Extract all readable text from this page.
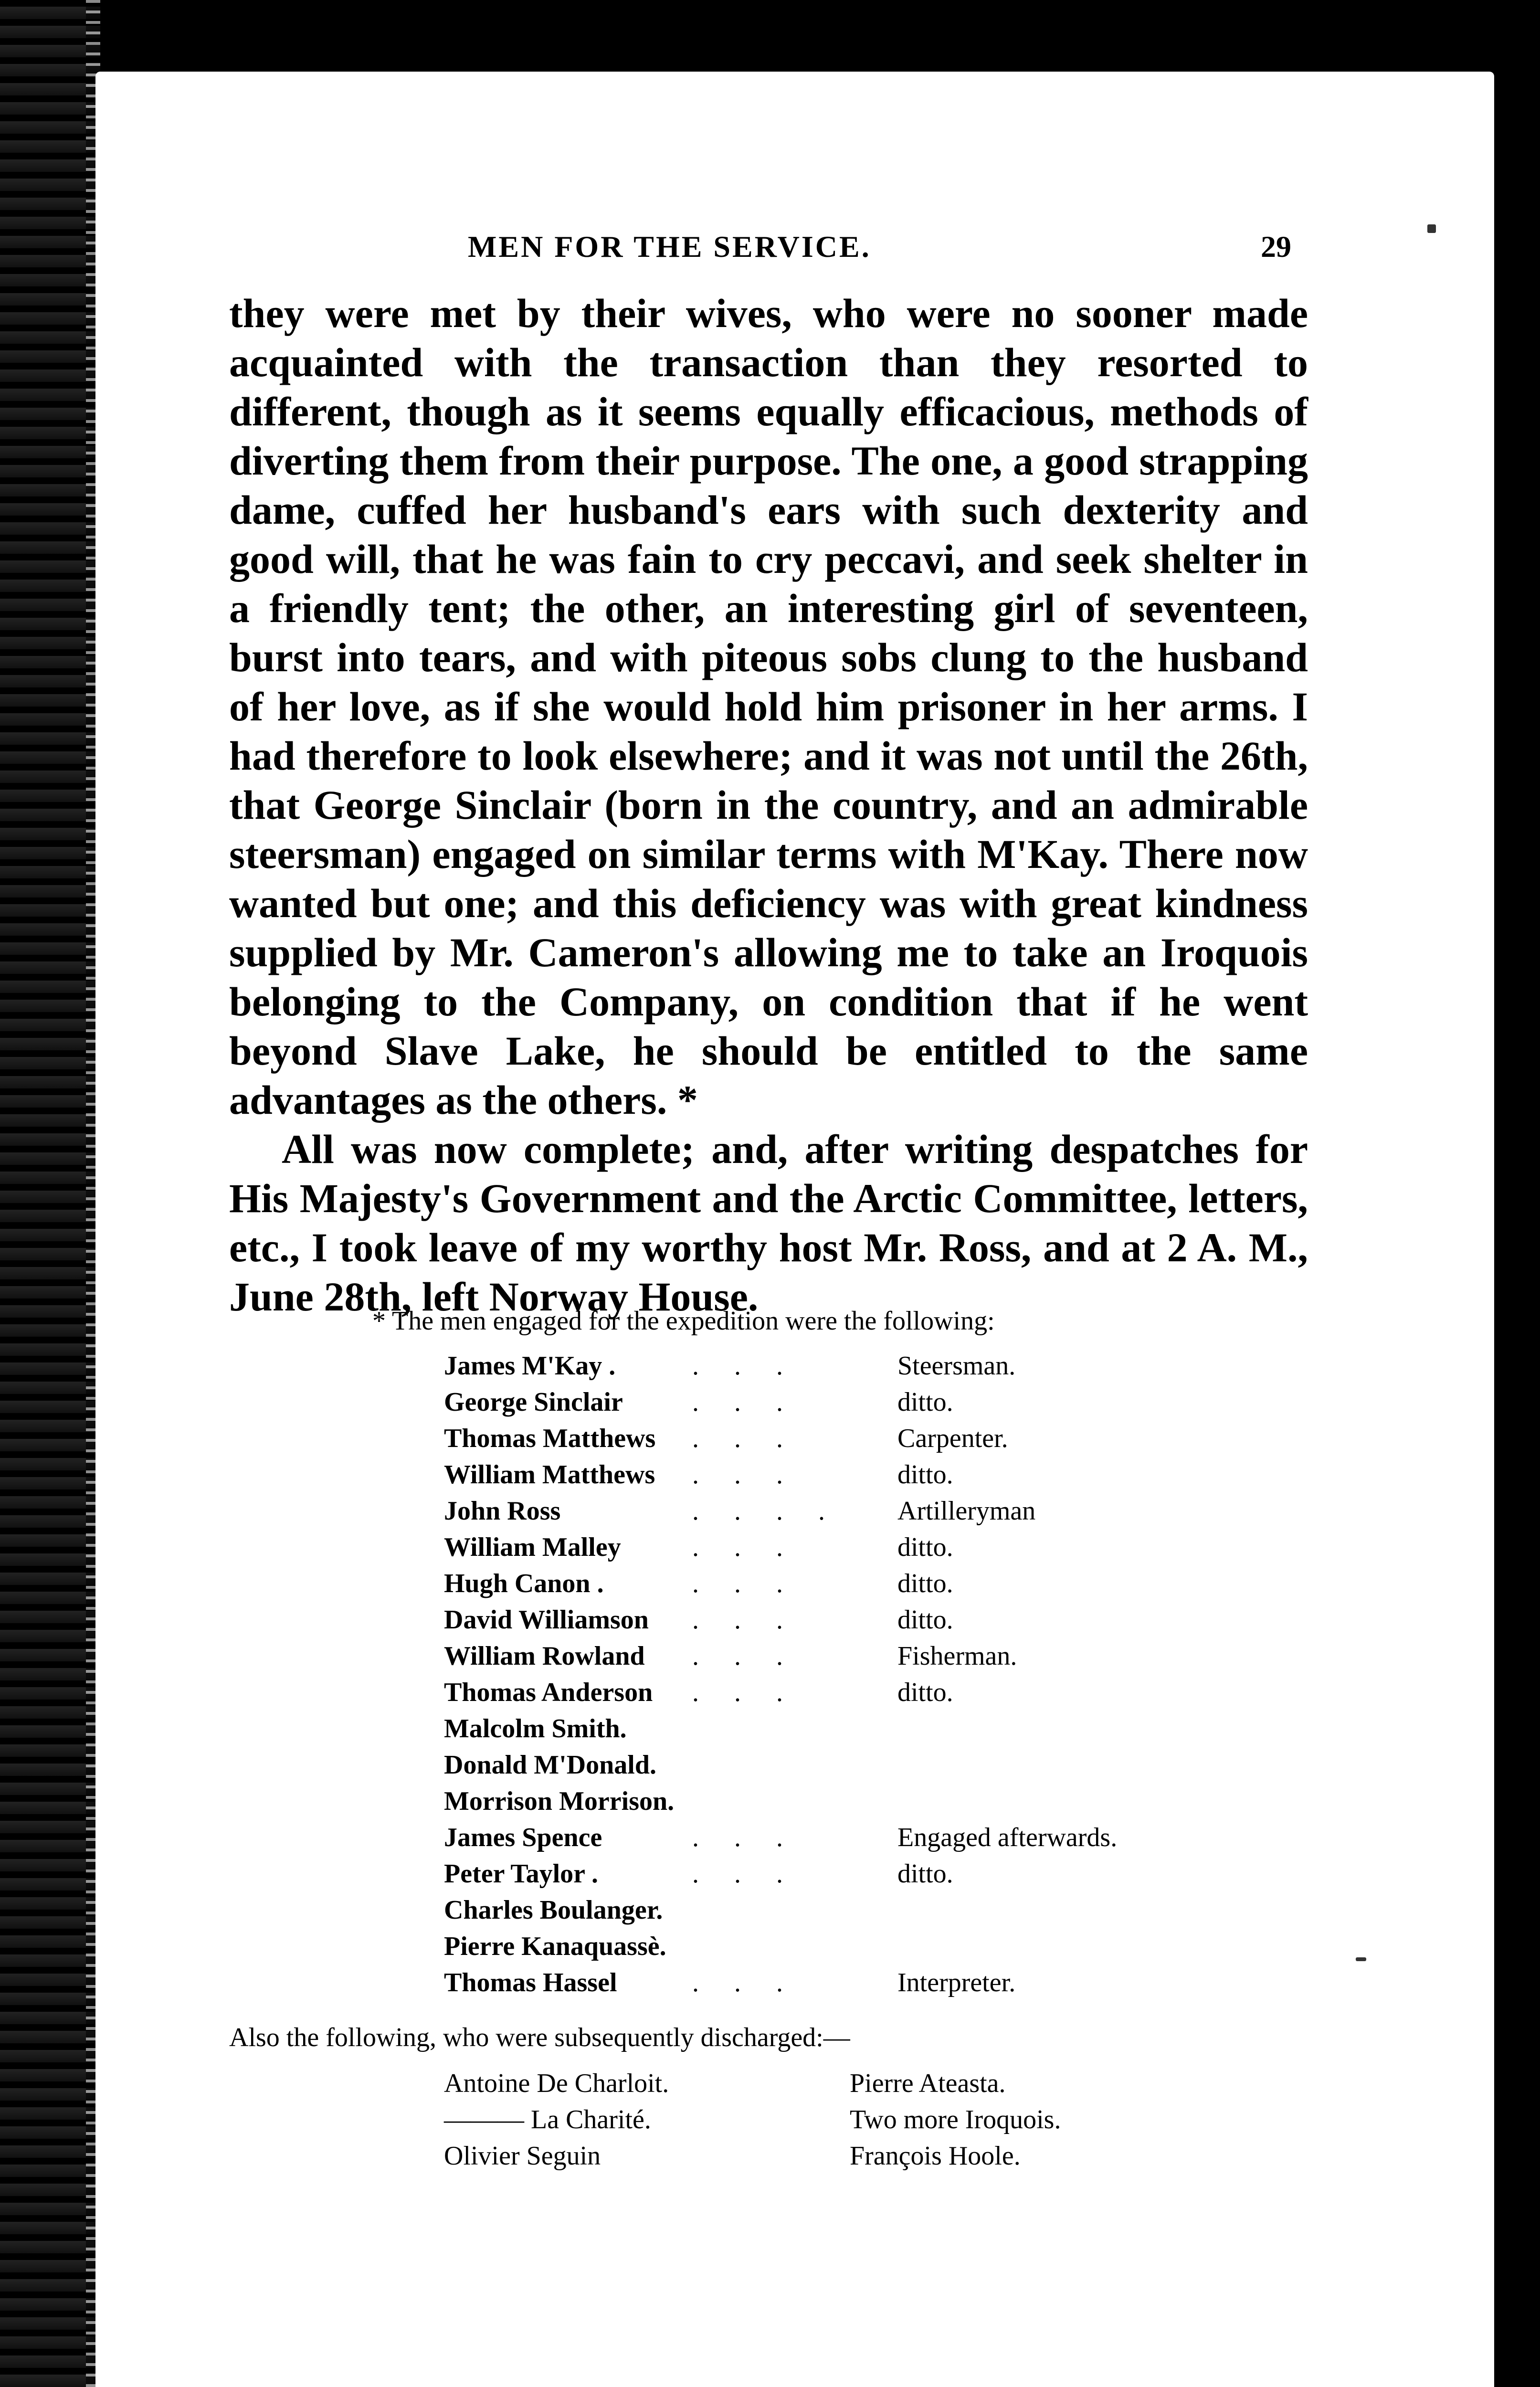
MEN FOR THE SERVICE.	29

they were met by their wives, who were no sooner made acquainted with the transaction than they resorted to different, though as it seems equally efficacious, methods of diverting them from their purpose. The one, a good strapping dame, cuffed her husband's ears with such dexterity and good will, that he was fain to cry peccavi, and seek shelter in a friendly tent; the other, an interesting girl of seventeen, burst into tears, and with piteous sobs clung to the husband of her love, as if she would hold him prisoner in her arms. I had therefore to look elsewhere; and it was not until the 26th, that George Sinclair (born in the country, and an admirable steersman) engaged on similar terms with M'Kay. There now wanted but one; and this deficiency was with great kindness supplied by Mr. Cameron's allowing me to take an Iroquois belonging to the Company, on condition that if he went beyond Slave Lake, he should be entitled to the same advantages as the others. *

All was now complete; and, after writing despatches for His Majesty's Government and the Arctic Committee, letters, etc., I took leave of my worthy host Mr. Ross, and at 2 A. M., June 28th, left Norway House.

* The men engaged for the expedition were the following:
James M'Kay .	. . .	Steersman.
George Sinclair	. . .	ditto.
Thomas Matthews	. . .	Carpenter.
William Matthews	. . .	ditto.
John Ross	. . . .	Artilleryman
William Malley	. . .	ditto.
Hugh Canon .	. . .	ditto.
David Williamson	. . .	ditto.
William Rowland	. . .	Fisherman.
Thomas Anderson	. . .	ditto.
Malcolm Smith.		
Donald M'Donald.		
Morrison Morrison.		
James Spence	. . .	Engaged afterwards.
Peter Taylor .	. . .	ditto.
Charles Boulanger.		
Pierre Kanaquassè.		
Thomas Hassel	. . .	Interpreter.
Also the following, who were subsequently discharged:—
Antoine De Charloit.	Pierre Ateasta.
——— La Charité.	Two more Iroquois.
Olivier Seguin	François Hoole.
